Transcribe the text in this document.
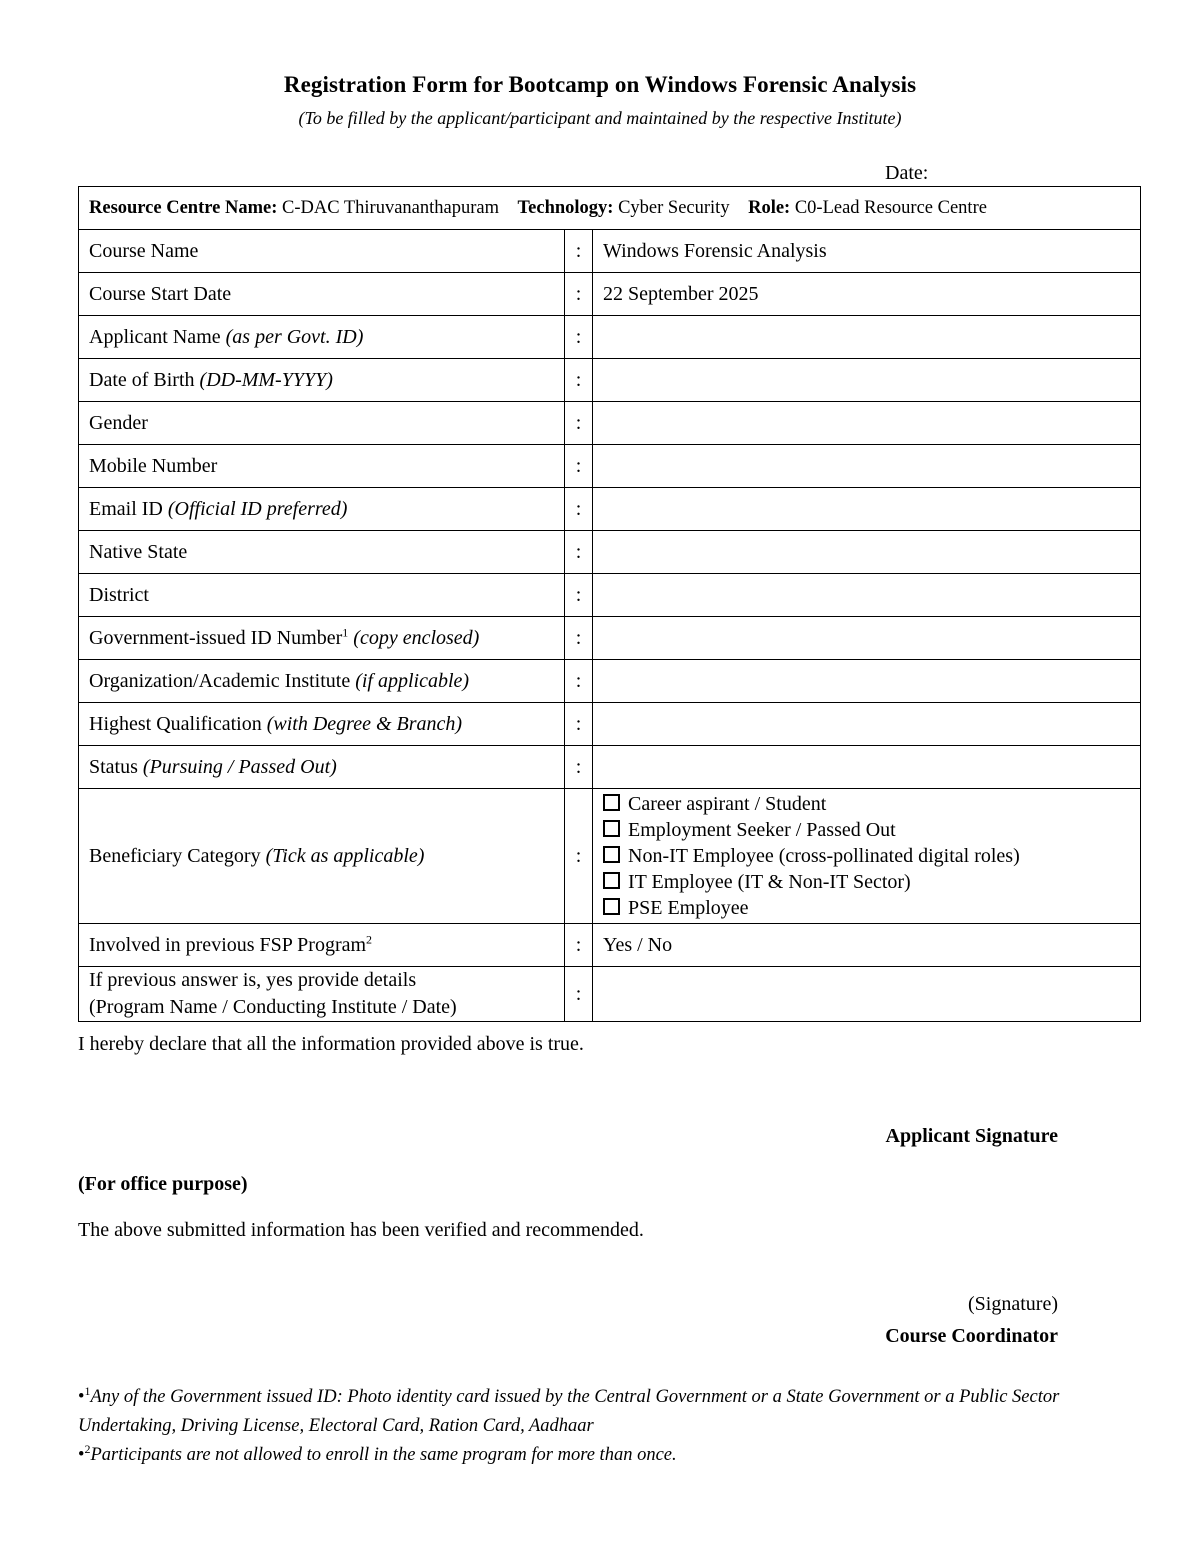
Registration Form for Bootcamp on Windows Forensic Analysis
(To be filled by the applicant/participant and maintained by the respective Institute)
Date:
Resource Centre Name: C-DAC Thiruvananthapuram Technology: Cyber Security Role: C0-Lead Resource Centre		
Course Name	:	Windows Forensic Analysis
Course Start Date	:	22 September 2025
Applicant Name (as per Govt. ID)	:	
Date of Birth (DD-MM-YYYY)	:	
Gender	:	
Mobile Number	:	
Email ID (Official ID preferred)	:	
Native State	:	
District	:	
Government-issued ID Number$^1$ (copy enclosed)	:	
Organization/Academic Institute (if applicable)	:	
Highest Qualification (with Degree & Branch)	:	
Status (Pursuing / Passed Out)	:	
Beneficiary Category (Tick as applicable)	:	Career aspirant / Student
Employment Seeker / Passed Out
Non-IT Employee (cross-pollinated digital roles)
IT Employee (IT & Non-IT Sector)
PSE Employee

Involved in previous FSP Program$^2$	:	Yes / No

If previous answer is, yes provide details
(Program Name / Conducting Institute / Date)	:	
I hereby declare that all the information provided above is true.
Applicant Signature
(For office purpose)
The above submitted information has been verified and recommended.
(Signature)
Course Coordinator
•$^1$Any of the Government issued ID: Photo identity card issued by the Central Government or a State Government or a Public Sector Undertaking, Driving License, Electoral Card, Ration Card, Aadhaar
•$^2$Participants are not allowed to enroll in the same program for more than once.
